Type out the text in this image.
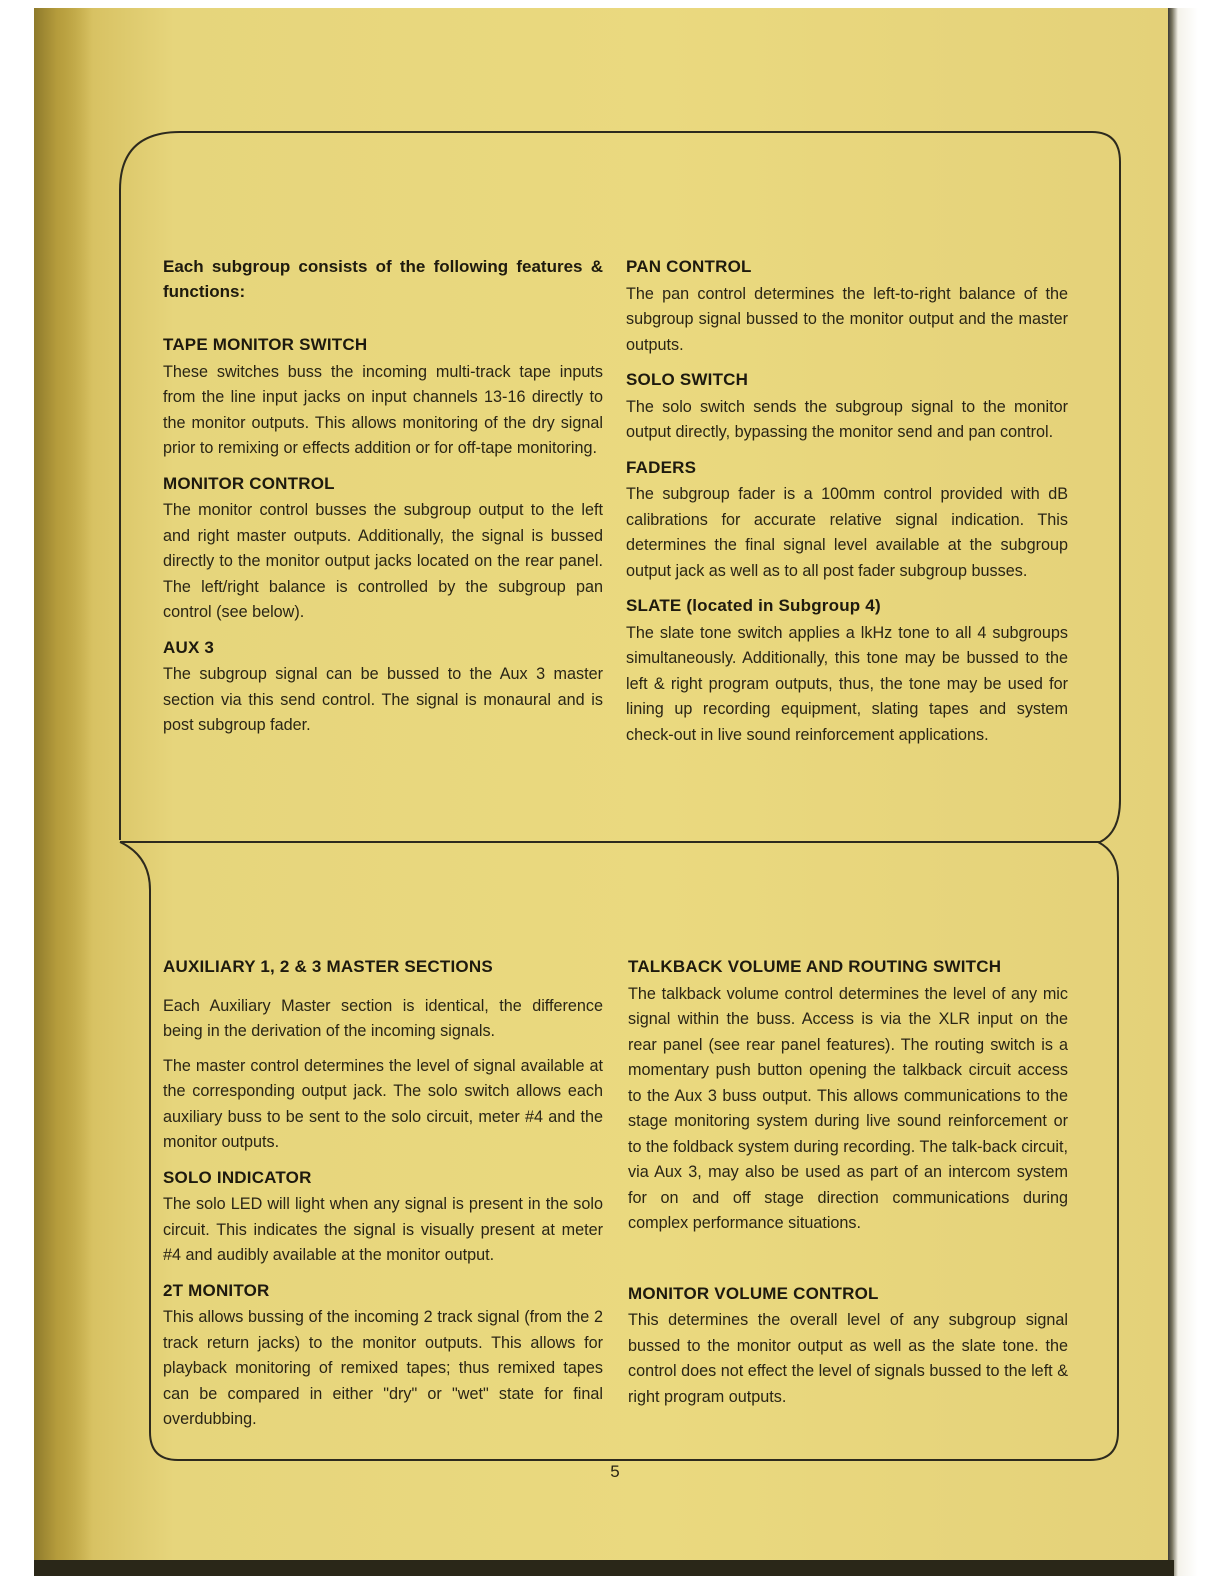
Each subgroup consists of the following features & functions:

TAPE MONITOR SWITCH

These switches buss the incoming multi-track tape inputs from the line input jacks on input channels 13-16 directly to the monitor outputs. This allows monitoring of the dry signal prior to remixing or effects addition or for off-tape monitoring.

MONITOR CONTROL

The monitor control busses the subgroup output to the left and right master outputs. Additionally, the signal is bussed directly to the monitor output jacks located on the rear panel. The left/right balance is controlled by the subgroup pan control (see below).

AUX 3

The subgroup signal can be bussed to the Aux 3 master section via this send control. The signal is monaural and is post subgroup fader.

PAN CONTROL

The pan control determines the left-to-right balance of the subgroup signal bussed to the monitor output and the master outputs.

SOLO SWITCH

The solo switch sends the subgroup signal to the monitor output directly, bypassing the monitor send and pan control.

FADERS

The subgroup fader is a 100mm control provided with dB calibrations for accurate relative signal indication. This determines the final signal level available at the subgroup output jack as well as to all post fader subgroup busses.

SLATE (located in Subgroup 4)

The slate tone switch applies a lkHz tone to all 4 subgroups simultaneously. Additionally, this tone may be bussed to the left & right program outputs, thus, the tone may be used for lining up recording equipment, slating tapes and system check-out in live sound reinforcement applications.

AUXILIARY 1, 2 & 3 MASTER SECTIONS

Each Auxiliary Master section is identical, the difference being in the derivation of the incoming signals.

The master control determines the level of signal available at the corresponding output jack. The solo switch allows each auxiliary buss to be sent to the solo circuit, meter #4 and the monitor outputs.

SOLO INDICATOR

The solo LED will light when any signal is present in the solo circuit. This indicates the signal is visually present at meter #4 and audibly available at the monitor output.

2T MONITOR

This allows bussing of the incoming 2 track signal (from the 2 track return jacks) to the monitor outputs. This allows for playback monitoring of remixed tapes; thus remixed tapes can be compared in either "dry" or "wet" state for final overdubbing.

TALKBACK VOLUME AND ROUTING SWITCH

The talkback volume control determines the level of any mic signal within the buss. Access is via the XLR input on the rear panel (see rear panel features). The routing switch is a momentary push button opening the talkback circuit access to the Aux 3 buss output. This allows communications to the stage monitoring system during live sound reinforcement or to the foldback system during recording. The talk-back circuit, via Aux 3, may also be used as part of an intercom system for on and off stage direction communications during complex performance situations.

MONITOR VOLUME CONTROL

This determines the overall level of any subgroup signal bussed to the monitor output as well as the slate tone. the control does not effect the level of signals bussed to the left & right program outputs.

5
